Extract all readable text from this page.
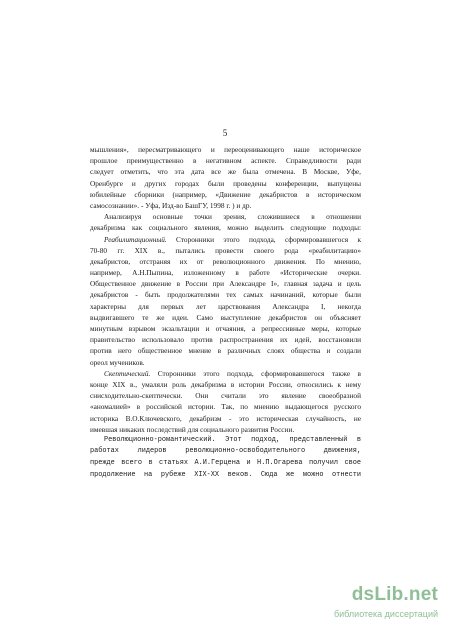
5
мышления», пересматривающего и переоценивающего наше историческое
прошлое преимущественно в негативном аспекте. Справедливости ради
следует отметить, что эта дата все же была отмечена. В Москве, Уфе,
Оренбурге и других городах были проведены конференции, выпущены
юбилейные сборники (например, «Движение декабристов в историческом
самосознании». - Уфа, Изд-во БашГУ, 1998 г. ) и др.
Анализируя основные точки зрения, сложившиеся в отношении
декабризма как социального явления, можно выделить следующие подходы:
Реабилитационный. Сторонники этого подхода, сформировавшегося к
70-80 гг. XIX в., пытались провести своего рода «реабилитацию»
декабристов, отстраняя их от революционного движения. По мнению,
например, А.Н.Пыпина, изложенному в работе «Исторические очерки.
Общественное движение в России при Александре I», главная задача и цель
декабристов - быть продолжателями тех самых начинаний, которые были
характерны для первых лет царствования Александра I, некогда
выдвигавшего те же идеи. Само выступление декабристов он объясняет
минутным взрывом экзальтации и отчаяния, а репрессивные меры, которые
правительство использовало против распространения их идей, восстановили
против него общественное мнение в различных слоях общества и создали
ореол мучеников.
Скептический. Сторонники этого подхода, сформировавшегося также в
конце XIX в., умаляли роль декабризма в истории России, относились к нему
снисходительно-скептически. Они считали это явление своеобразной
«аномалией» в российской истории. Так, по мнению выдающегося русского
историка В.О.Ключевского, декабризм - это историческая случайность, не
имевшая никаких последствий для социального развития России.
Революционно-романтический. Этот подход, представленный в
работах лидеров революционно-освободительного движения,
прежде всего в статьях А.И.Герцена и Н.П.Огарева получил свое
продолжение на рубеже XIX-XX веков. Сюда же можно отнести
dsLib.net
библиотека диссертаций
